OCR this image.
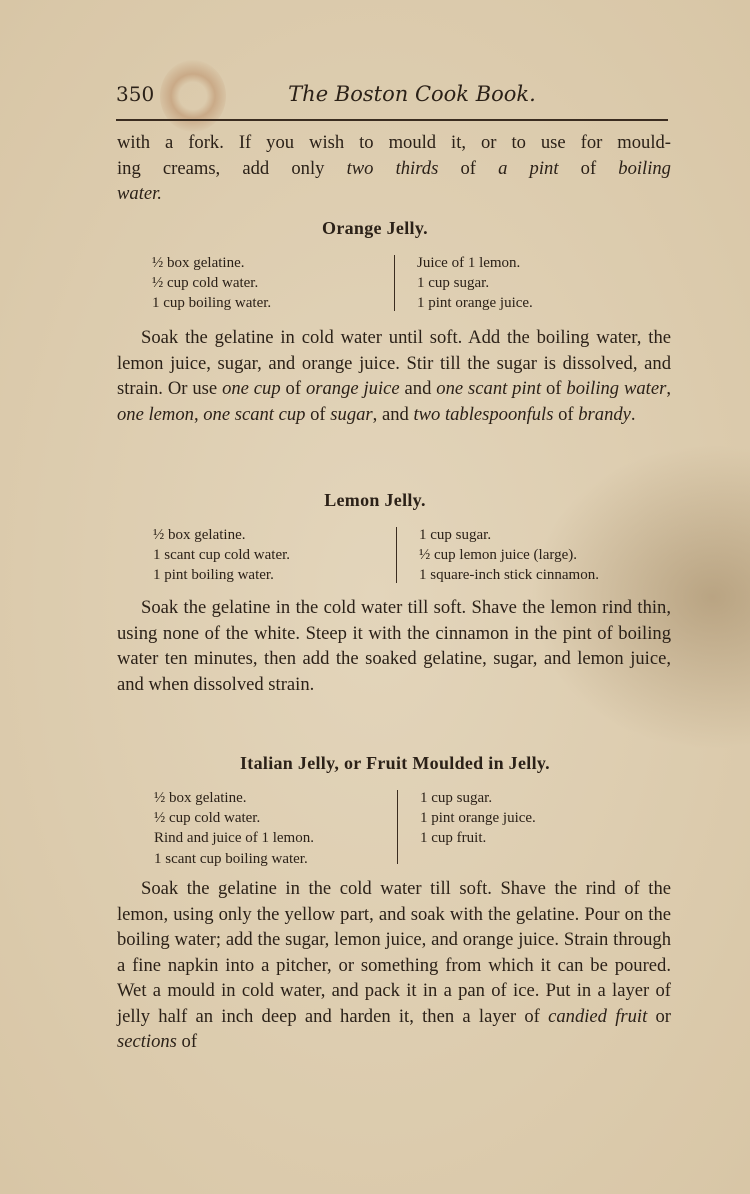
350	The Boston Cook Book.
with a fork. If you wish to mould it, or to use for mould-
ing creams, add only two thirds of a pint of boiling
water.
Orange Jelly.
½ box gelatine.
½ cup cold water.
1 cup boiling water.
Juice of 1 lemon.
1 cup sugar.
1 pint orange juice.

Soak the gelatine in cold water until soft. Add the boiling water, the lemon juice, sugar, and orange juice. Stir till the sugar is dissolved, and strain. Or use one cup of orange juice and one scant pint of boiling water, one lemon, one scant cup of sugar, and two tablespoonfuls of brandy.

Lemon Jelly.
½ box gelatine.
1 scant cup cold water.
1 pint boiling water.
1 cup sugar.
½ cup lemon juice (large).
1 square-inch stick cinnamon.

Soak the gelatine in the cold water till soft. Shave the lemon rind thin, using none of the white. Steep it with the cinnamon in the pint of boiling water ten minutes, then add the soaked gelatine, sugar, and lemon juice, and when dissolved strain.

Italian Jelly, or Fruit Moulded in Jelly.
½ box gelatine.
½ cup cold water.
Rind and juice of 1 lemon.
1 scant cup boiling water.
1 cup sugar.
1 pint orange juice.
1 cup fruit.

Soak the gelatine in the cold water till soft. Shave the rind of the lemon, using only the yellow part, and soak with the gelatine. Pour on the boiling water; add the sugar, lemon juice, and orange juice. Strain through a fine napkin into a pitcher, or something from which it can be poured. Wet a mould in cold water, and pack it in a pan of ice. Put in a layer of jelly half an inch deep and harden it, then a layer of candied fruit or sections of
